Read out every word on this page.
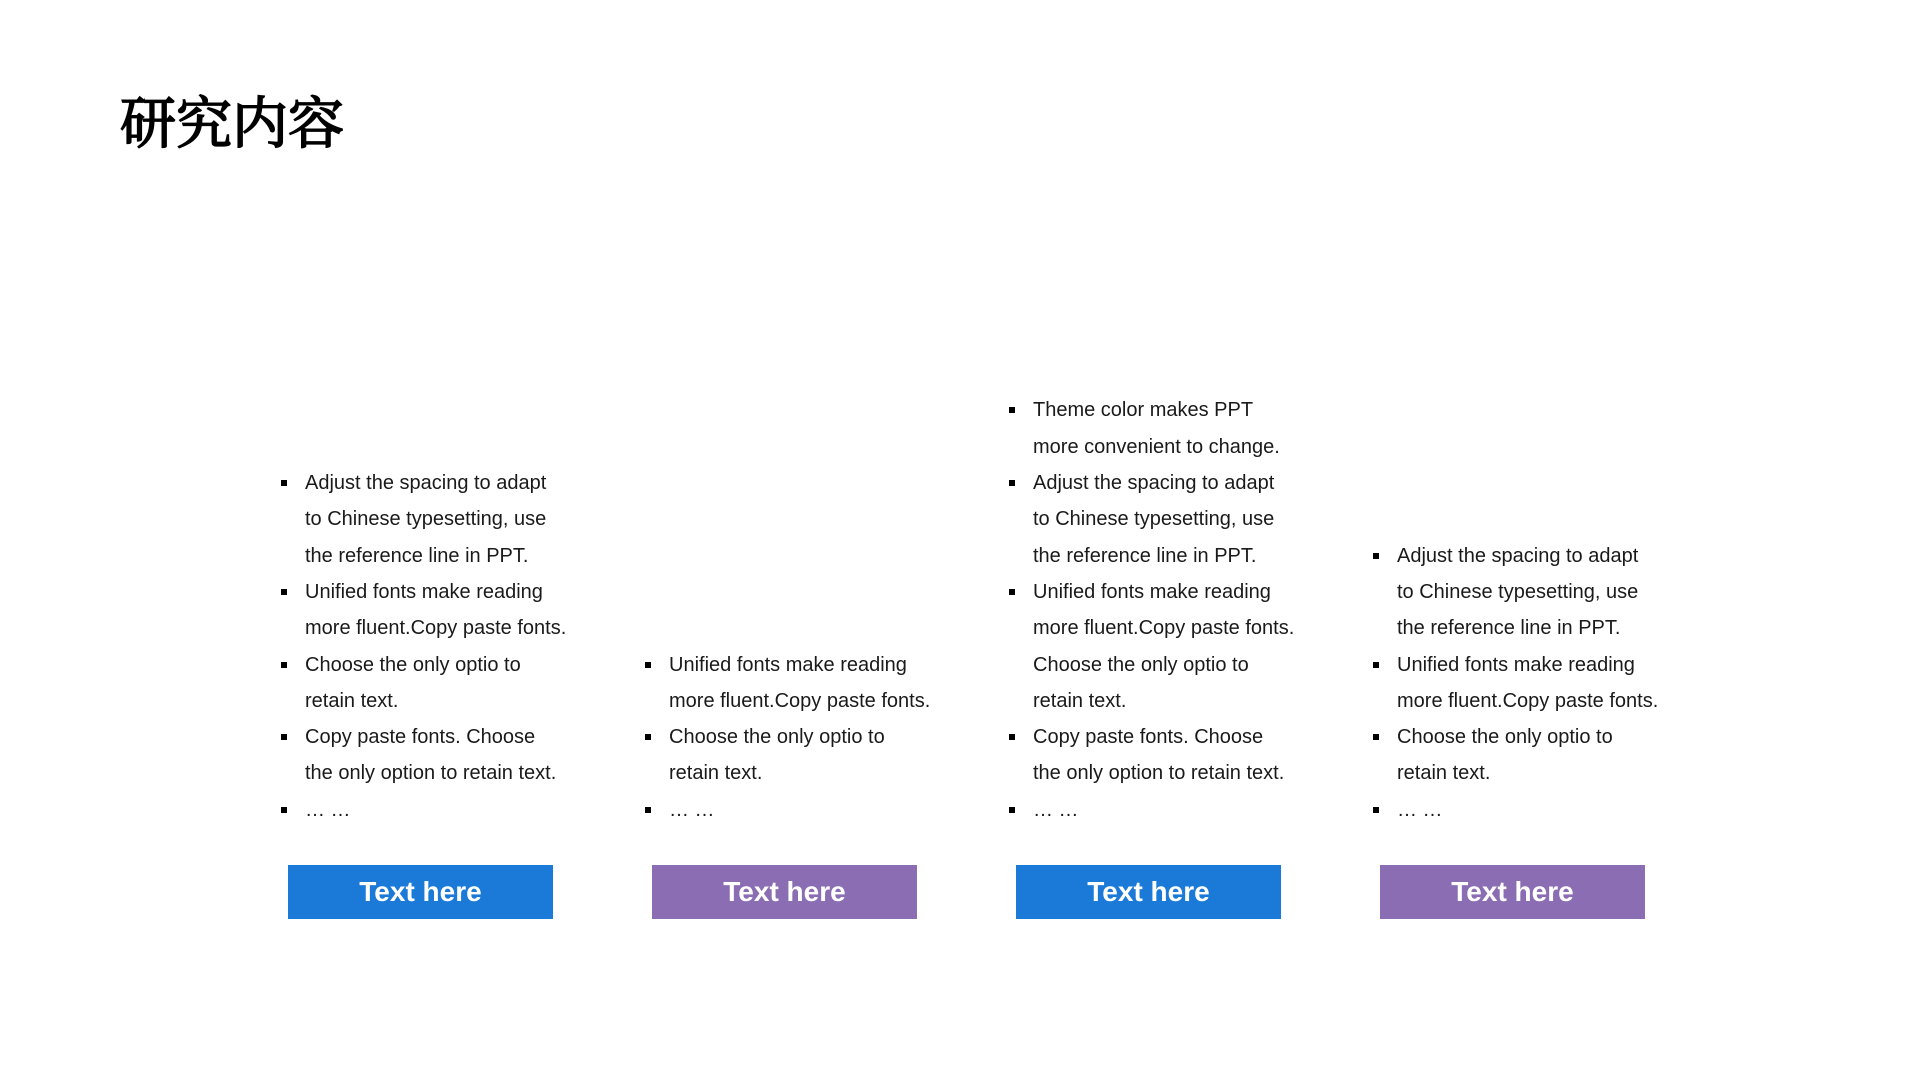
研究内容
Adjust the spacing to adapt
to Chinese typesetting, use
the reference line in PPT.
Unified fonts make reading
more fluent.Copy paste fonts.
Choose the only optio to
retain text.
Copy paste fonts. Choose
the only option to retain text.
… …
Text here
Unified fonts make reading
more fluent.Copy paste fonts.
Choose the only optio to
retain text.
… …
Text here
Theme color makes PPT
more convenient to change.
Adjust the spacing to adapt
to Chinese typesetting, use
the reference line in PPT.
Unified fonts make reading
more fluent.Copy paste fonts.
Choose the only optio to
retain text.
Copy paste fonts. Choose
the only option to retain text.
… …
Text here
Adjust the spacing to adapt
to Chinese typesetting, use
the reference line in PPT.
Unified fonts make reading
more fluent.Copy paste fonts.
Choose the only optio to
retain text.
… …
Text here
